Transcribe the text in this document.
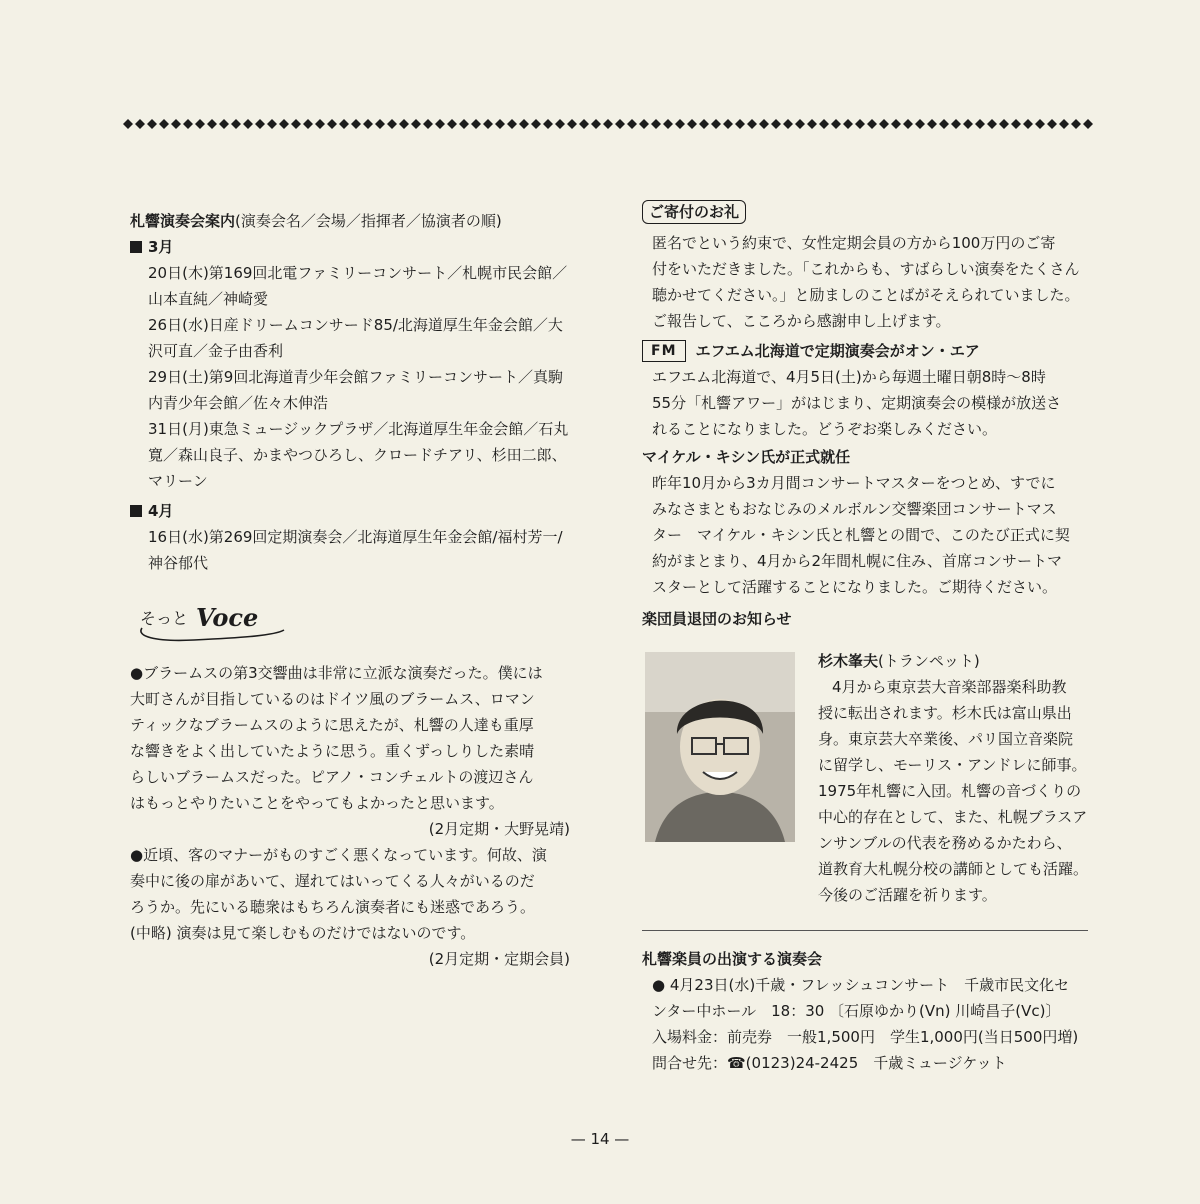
札響演奏会案内(演奏会名／会場／指揮者／協演者の順)
3月
20日(木)第169回北電ファミリーコンサート／札幌市民会館／
山本直純／神崎愛
26日(水)日産ドリームコンサード85/北海道厚生年金会館／大
沢可直／金子由香利
29日(土)第9回北海道青少年会館ファミリーコンサート／真駒
内青少年会館／佐々木伸浩
31日(月)東急ミュージックプラザ／北海道厚生年金会館／石丸
寛／森山良子、かまやつひろし、クロードチアリ、杉田二郎、
マリーン
4月
16日(水)第269回定期演奏会／北海道厚生年金会館/福村芳一/
神谷郁代
そっと Voce
●ブラームスの第3交響曲は非常に立派な演奏だった。僕には
大町さんが目指しているのはドイツ風のブラームス、ロマン
ティックなブラームスのように思えたが、札響の人達も重厚
な響きをよく出していたように思う。重くずっしりした素晴
らしいブラームスだった。ピアノ・コンチェルトの渡辺さん
はもっとやりたいことをやってもよかったと思います。
(2月定期・大野晃靖)
●近頃、客のマナーがものすごく悪くなっています。何故、演
奏中に後の扉があいて、遅れてはいってくる人々がいるのだ
ろうか。先にいる聴衆はもちろん演奏者にも迷惑であろう。
(中略) 演奏は見て楽しむものだけではないのです。
(2月定期・定期会員)
ご寄付のお礼
匿名でという約束で、女性定期会員の方から100万円のご寄
付をいただきました。「これからも、すばらしい演奏をたくさん
聴かせてください。」と励ましのことばがそえられていました。
ご報告して、こころから感謝申し上げます。
FM	エフエム北海道で定期演奏会がオン・エア
エフエム北海道で、4月5日(土)から毎週土曜日朝8時～8時
55分「札響アワー」がはじまり、定期演奏会の模様が放送さ
れることになりました。どうぞお楽しみください。
マイケル・キシン氏が正式就任
昨年10月から3カ月間コンサートマスターをつとめ、すでに
みなさまともおなじみのメルボルン交響楽団コンサートマス
ター　マイケル・キシン氏と札響との間で、このたび正式に契
約がまとまり、4月から2年間札幌に住み、首席コンサートマ
スターとして活躍することになりました。ご期待ください。
楽団員退団のお知らせ
杉木峯夫(トランペット)
4月から東京芸大音楽部器楽科助教
授に転出されます。杉木氏は富山県出
身。東京芸大卒業後、パリ国立音楽院
に留学し、モーリス・アンドレに師事。
1975年札響に入団。札響の音づくりの
中心的存在として、また、札幌ブラスア
ンサンブルの代表を務めるかたわら、
道教育大札幌分校の講師としても活躍。
今後のご活躍を祈ります。
札響楽員の出演する演奏会
● 4月23日(水)千歳・フレッシュコンサート　千歳市民文化セ
ンター中ホール　18：30 〔石原ゆかり(Vn) 川崎昌子(Vc)〕
入場料金：前売券　一般1,500円　学生1,000円(当日500円増)
問合せ先：☎(0123)24-2425　千歳ミュージケット
— 14 —
